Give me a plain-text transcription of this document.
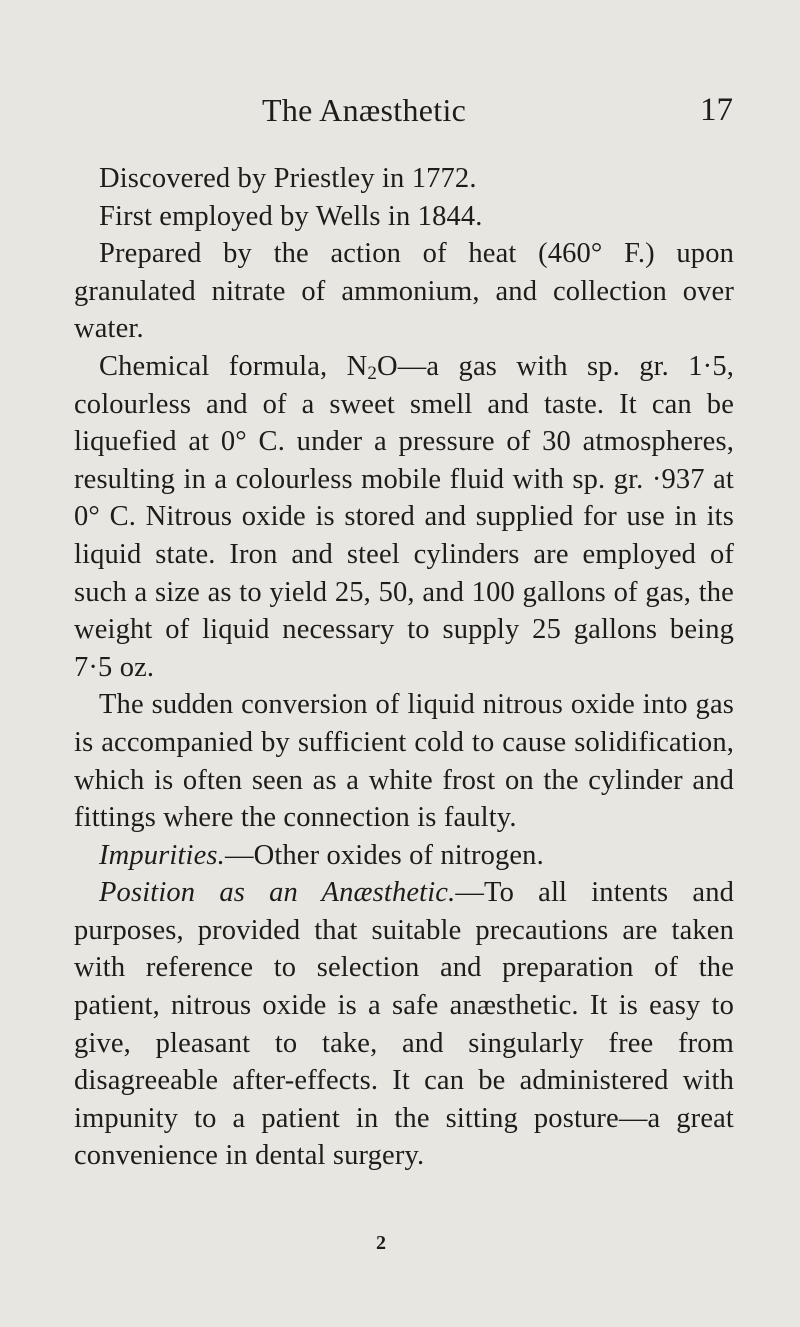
The Anæsthetic	17

Discovered by Priestley in 1772.

First employed by Wells in 1844.

Prepared by the action of heat (460° F.) upon granulated nitrate of ammonium, and collection over water.

Chemical formula, $N_2O—a$ gas with sp. gr. 1·5, colourless and of a sweet smell and taste. It can be liquefied at 0° C. under a pressure of 30 atmospheres, resulting in a colourless mobile fluid with sp. gr. ·937 at 0° C. Nitrous oxide is stored and supplied for use in its liquid state. Iron and steel cylinders are employed of such a size as to yield 25, 50, and 100 gallons of gas, the weight of liquid necessary to supply 25 gallons being 7·5 oz.

The sudden conversion of liquid nitrous oxide into gas is accompanied by sufficient cold to cause solidification, which is often seen as a white frost on the cylinder and fittings where the connection is faulty.

Impurities.—Other oxides of nitrogen.

Position as an Anæsthetic.—To all intents and purposes, provided that suitable precautions are taken with reference to selection and preparation of the patient, nitrous oxide is a safe anæsthetic. It is easy to give, pleasant to take, and singularly free from disagreeable after-effects. It can be administered with impunity to a patient in the sitting posture—a great convenience in dental surgery.

2
